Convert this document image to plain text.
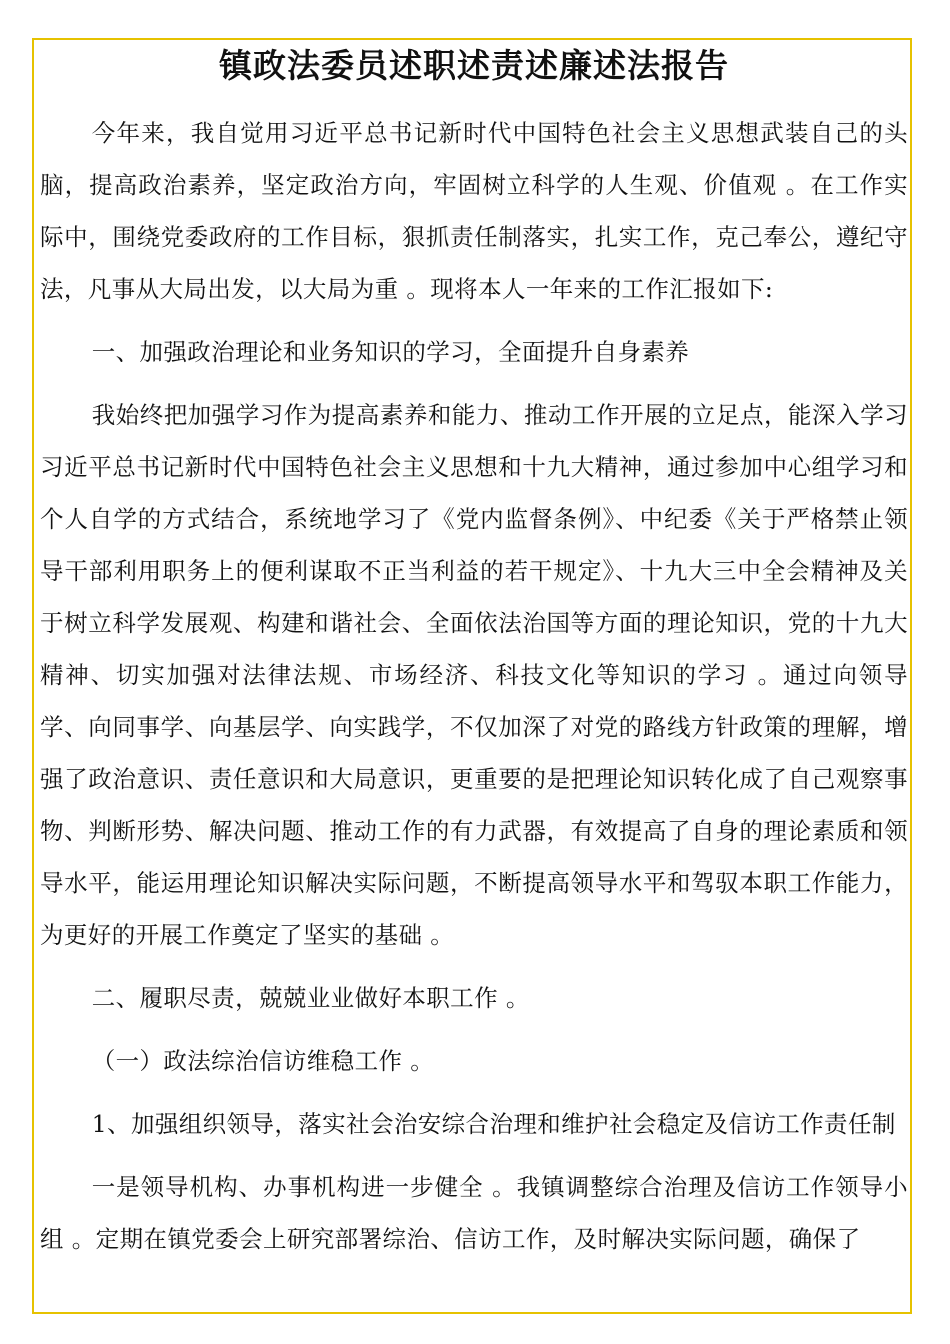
镇政法委员述职述责述廉述法报告

今年来，我自觉用习近平总书记新时代中国特色社会主义思想武装自己的头脑，提高政治素养，坚定政治方向，牢固树立科学的人生观、价值观 。在工作实际中，围绕党委政府的工作目标，狠抓责任制落实，扎实工作，克己奉公，遵纪守法，凡事从大局出发，以大局为重 。现将本人一年来的工作汇报如下:

一、加强政治理论和业务知识的学习，全面提升自身素养

我始终把加强学习作为提高素养和能力、推动工作开展的立足点，能深入学习习近平总书记新时代中国特色社会主义思想和十九大精神，通过参加中心组学习和个人自学的方式结合，系统地学习了《党内监督条例》、中纪委《关于严格禁止领导干部利用职务上的便利谋取不正当利益的若干规定》、十九大三中全会精神及关于树立科学发展观、构建和谐社会、全面依法治国等方面的理论知识，党的十九大精神、切实加强对法律法规、市场经济、科技文化等知识的学习 。通过向领导学、向同事学、向基层学、向实践学，不仅加深了对党的路线方针政策的理解，增强了政治意识、责任意识和大局意识，更重要的是把理论知识转化成了自己观察事物、判断形势、解决问题、推动工作的有力武器，有效提高了自身的理论素质和领导水平，能运用理论知识解决实际问题，不断提高领导水平和驾驭本职工作能力，为更好的开展工作奠定了坚实的基础 。

二、履职尽责，兢兢业业做好本职工作 。

（一）政法综治信访维稳工作 。

1、加强组织领导，落实社会治安综合治理和维护社会稳定及信访工作责任制

一是领导机构、办事机构进一步健全 。我镇调整综合治理及信访工作领导小组 。定期在镇党委会上研究部署综治、信访工作，及时解决实际问题，确保了
